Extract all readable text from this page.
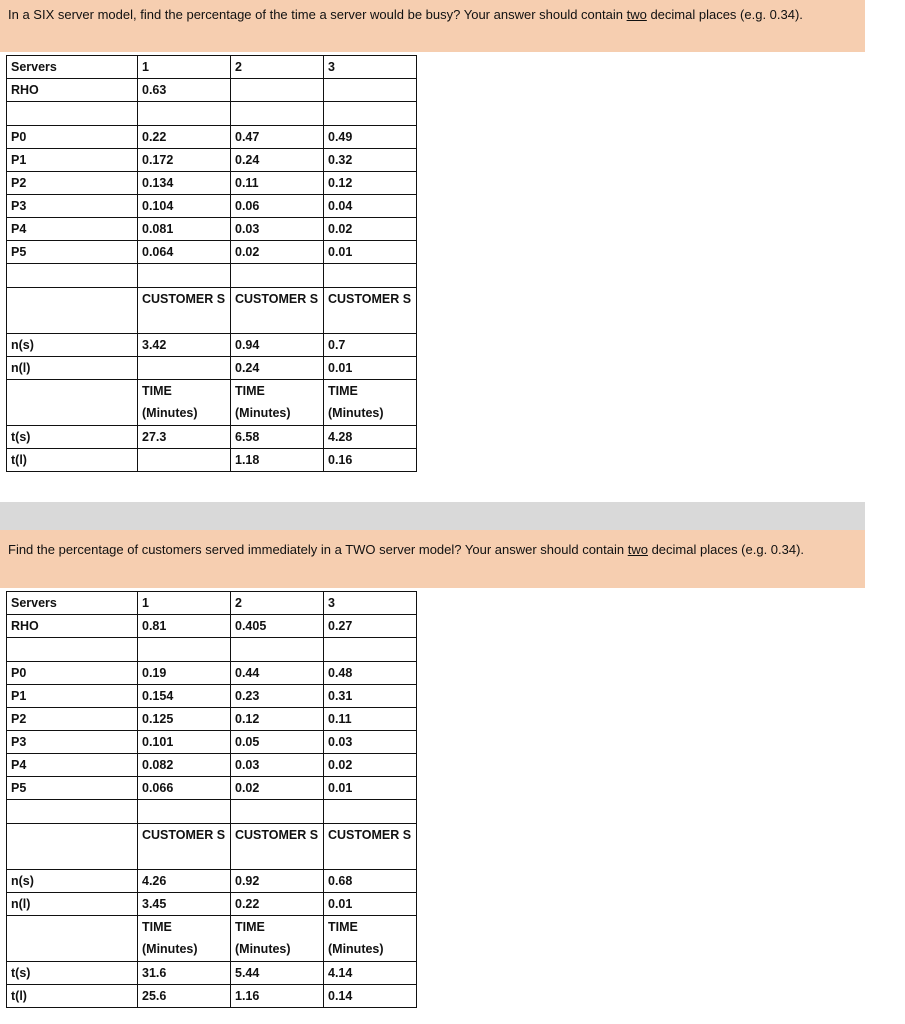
In a SIX server model, find the percentage of the time a server would be busy? Your answer should contain two decimal places (e.g. 0.34).
Servers	1	2	3
RHO	0.63		

P0	0.22	0.47	0.49
P1	0.172	0.24	0.32
P2	0.134	0.11	0.12
P3	0.104	0.06	0.04
P4	0.081	0.03	0.02
P5	0.064	0.02	0.01

	CUSTOMER S	CUSTOMER S	CUSTOMER S
n(s)	3.42	0.94	0.7
n(l)		0.24	0.01
	TIME (Minutes)	TIME (Minutes)	TIME (Minutes)
t(s)	27.3	6.58	4.28
t(l)		1.18	0.16
Find the percentage of customers served immediately in a TWO server model? Your answer should contain two decimal places (e.g. 0.34).
Servers	1	2	3
RHO	0.81	0.405	0.27

P0	0.19	0.44	0.48
P1	0.154	0.23	0.31
P2	0.125	0.12	0.11
P3	0.101	0.05	0.03
P4	0.082	0.03	0.02
P5	0.066	0.02	0.01

	CUSTOMER S	CUSTOMER S	CUSTOMER S
n(s)	4.26	0.92	0.68
n(l)	3.45	0.22	0.01
	TIME (Minutes)	TIME (Minutes)	TIME (Minutes)
t(s)	31.6	5.44	4.14
t(l)	25.6	1.16	0.14
